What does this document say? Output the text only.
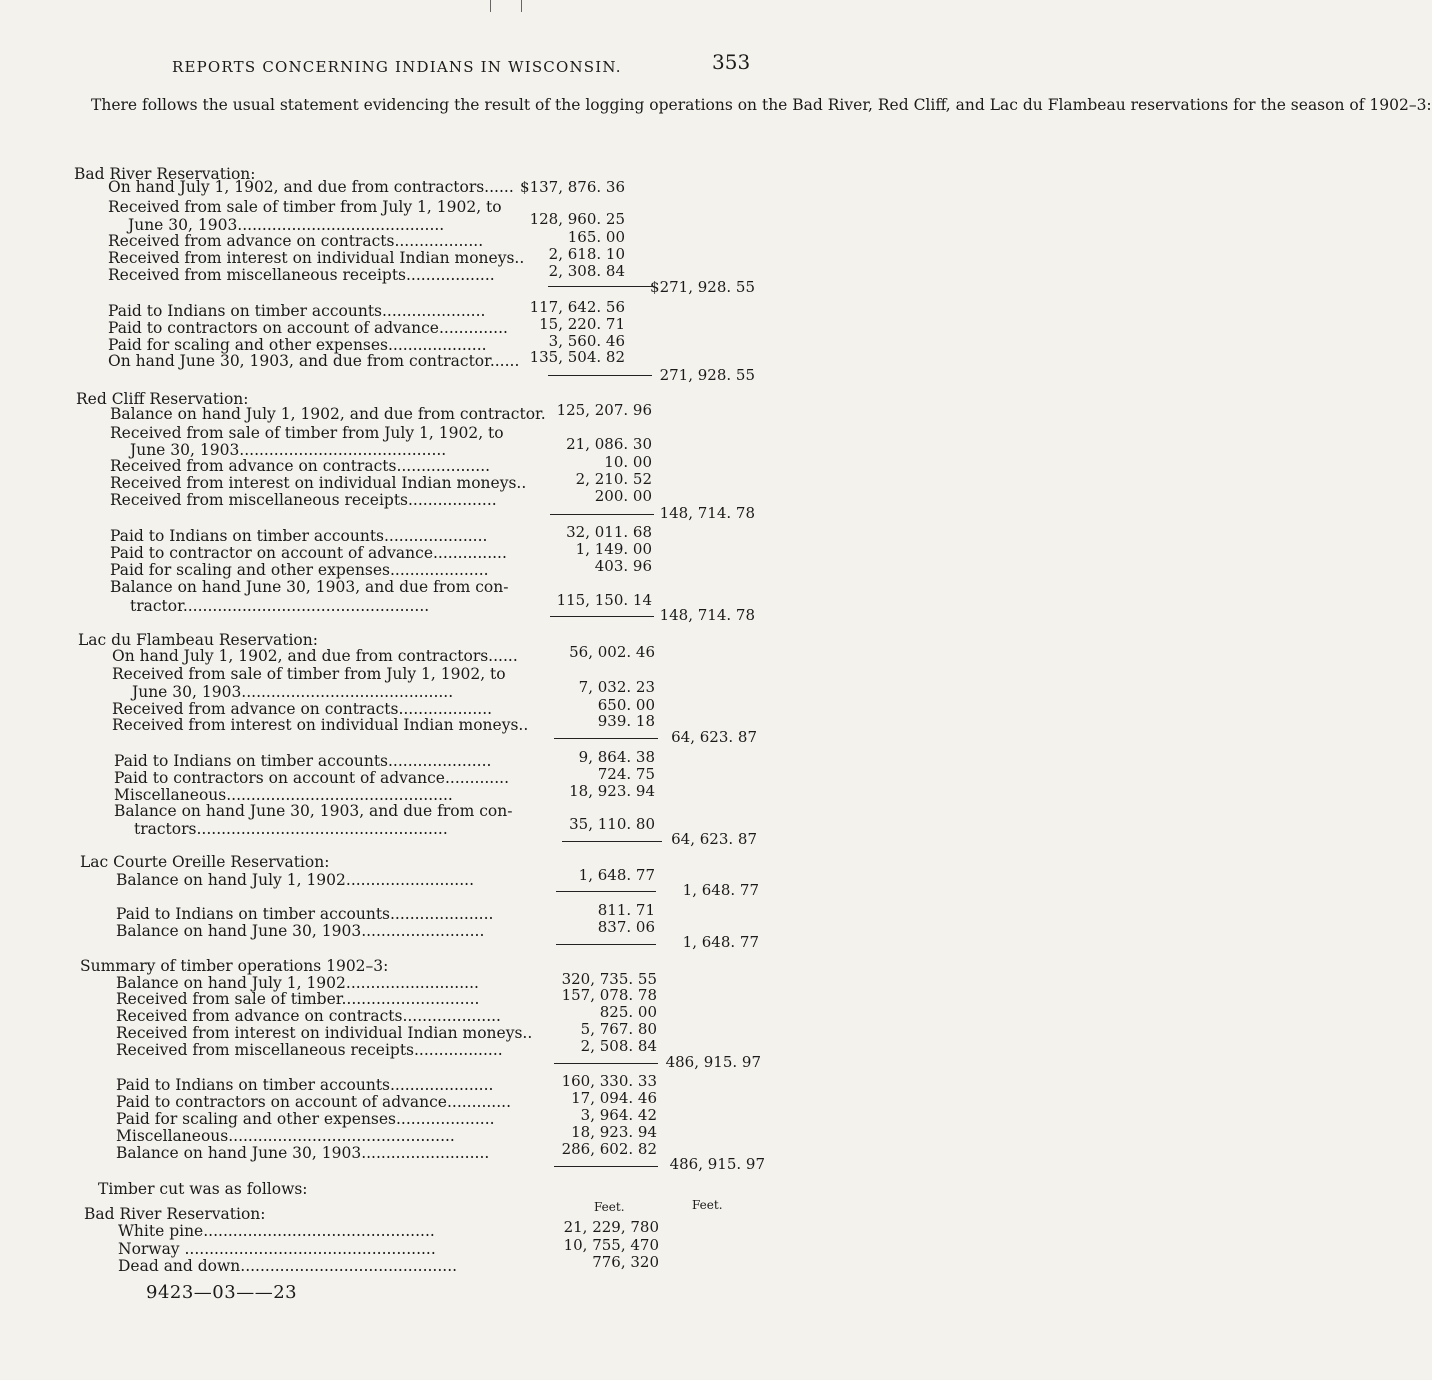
REPORTS CONCERNING INDIANS IN WISCONSIN.	353

There follows the usual statement evidencing the result of the logging operations on the Bad River, Red Cliff, and Lac du Flambeau reservations for the season of 1902–3:

Bad River Reservation:
On hand July 1, 1902, and due from contractors...... $137, 876. 36
Received from sale of timber from July 1, 1902, to
June 30, 1903..........................................	128, 960. 25
Received from advance on contracts..................	165. 00
Received from interest on individual Indian moneys.. 2, 618. 10
Received from miscellaneous receipts..................	2, 308. 84
$271, 928. 55
Paid to Indians on timber accounts.....................	117, 642. 56
Paid to contractors on account of advance.............. 15, 220. 71
Paid for scaling and other expenses....................	3, 560. 46
On hand June 30, 1903, and due from contractor...... 135, 504. 82
271, 928. 55
Red Cliff Reservation:
Balance on hand July 1, 1902, and due from contractor. 125, 207. 96
Received from sale of timber from July 1, 1902, to
June 30, 1903..........................................	21, 086. 30
Received from advance on contracts...................	10. 00
Received from interest on individual Indian moneys..	2, 210. 52
Received from miscellaneous receipts..................	200. 00
148, 714. 78
Paid to Indians on timber accounts.....................	32, 011. 68
Paid to contractor on account of advance...............	1, 149. 00
Paid for scaling and other expenses....................	403. 96
Balance on hand June 30, 1903, and due from con-
tractor..................................................	115, 150. 14
148, 714. 78
Lac du Flambeau Reservation:
On hand July 1, 1902, and due from contractors......	56, 002. 46
Received from sale of timber from July 1, 1902, to
June 30, 1903...........................................	7, 032. 23
Received from advance on contracts...................	650. 00
Received from interest on individual Indian moneys..	939. 18
64, 623. 87
Paid to Indians on timber accounts.....................	9, 864. 38
Paid to contractors on account of advance.............	724. 75
Miscellaneous..............................................	18, 923. 94
Balance on hand June 30, 1903, and due from con-
tractors...................................................	35, 110. 80
64, 623. 87
Lac Courte Oreille Reservation:
Balance on hand July 1, 1902..........................	1, 648. 77
1, 648. 77
Paid to Indians on timber accounts.....................	811. 71
Balance on hand June 30, 1903.........................	837. 06
1, 648. 77
Summary of timber operations 1902–3:
Balance on hand July 1, 1902...........................	320, 735. 55
Received from sale of timber............................	157, 078. 78
Received from advance on contracts....................	825. 00
Received from interest on individual Indian moneys..	5, 767. 80
Received from miscellaneous receipts..................	2, 508. 84
486, 915. 97
Paid to Indians on timber accounts.....................	160, 330. 33
Paid to contractors on account of advance.............	17, 094. 46
Paid for scaling and other expenses....................	3, 964. 42
Miscellaneous..............................................	18, 923. 94
Balance on hand June 30, 1903..........................	286, 602. 82
486, 915. 97
Timber cut was as follows:
Feet.	Feet.
Bad River Reservation:
White pine...............................................	21, 229, 780
Norway ...................................................	10, 755, 470
Dead and down............................................	776, 320
9423—03——23
